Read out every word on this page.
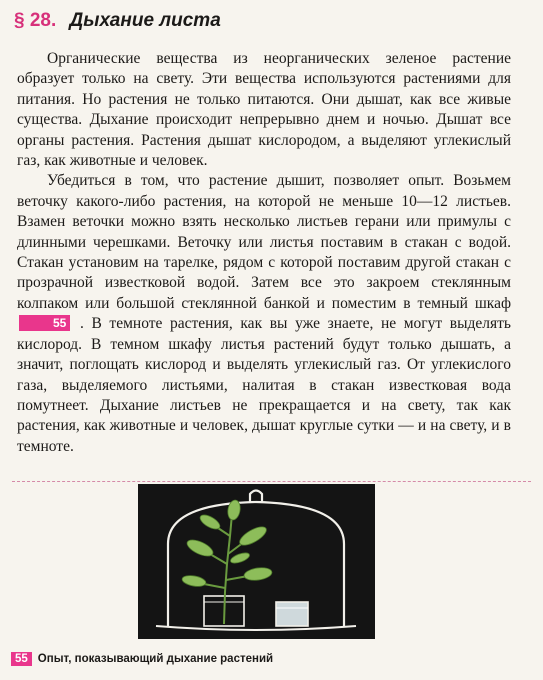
§ 28. Дыхание листа

Органические вещества из неорганических зеленое растение образует только на свету. Эти вещества используются растениями для питания. Но растения не только питаются. Они дышат, как все живые существа. Дыхание происходит непрерывно днем и ночью. Дышат все органы растения. Растения дышат кислородом, а выделяют углекислый газ, как животные и человек.

Убедиться в том, что растение дышит, позволяет опыт. Возьмем веточку какого-либо растения, на которой не меньше 10—12 листьев. Взамен веточки можно взять несколько листьев герани или примулы с длинными черешками. Веточку или листья поставим в стакан с водой. Стакан установим на тарелке, рядом с которой поставим другой стакан с прозрачной известковой водой. Затем все это закроем стеклянным колпаком или большой стеклянной банкой и поместим в темный шкаф 55 . В темноте растения, как вы уже знаете, не могут выделять кислород. В темном шкафу листья растений будут только дышать, а значит, поглощать кислород и выделять углекислый газ. От углекислого газа, выделяемого листьями, налитая в стакан известковая вода помутнеет. Дыхание листьев не прекращается и на свету, так как растения, как животные и человек, дышат круглые сутки — и на свету, и в темноте.

55 Опыт, показывающий дыхание растений
